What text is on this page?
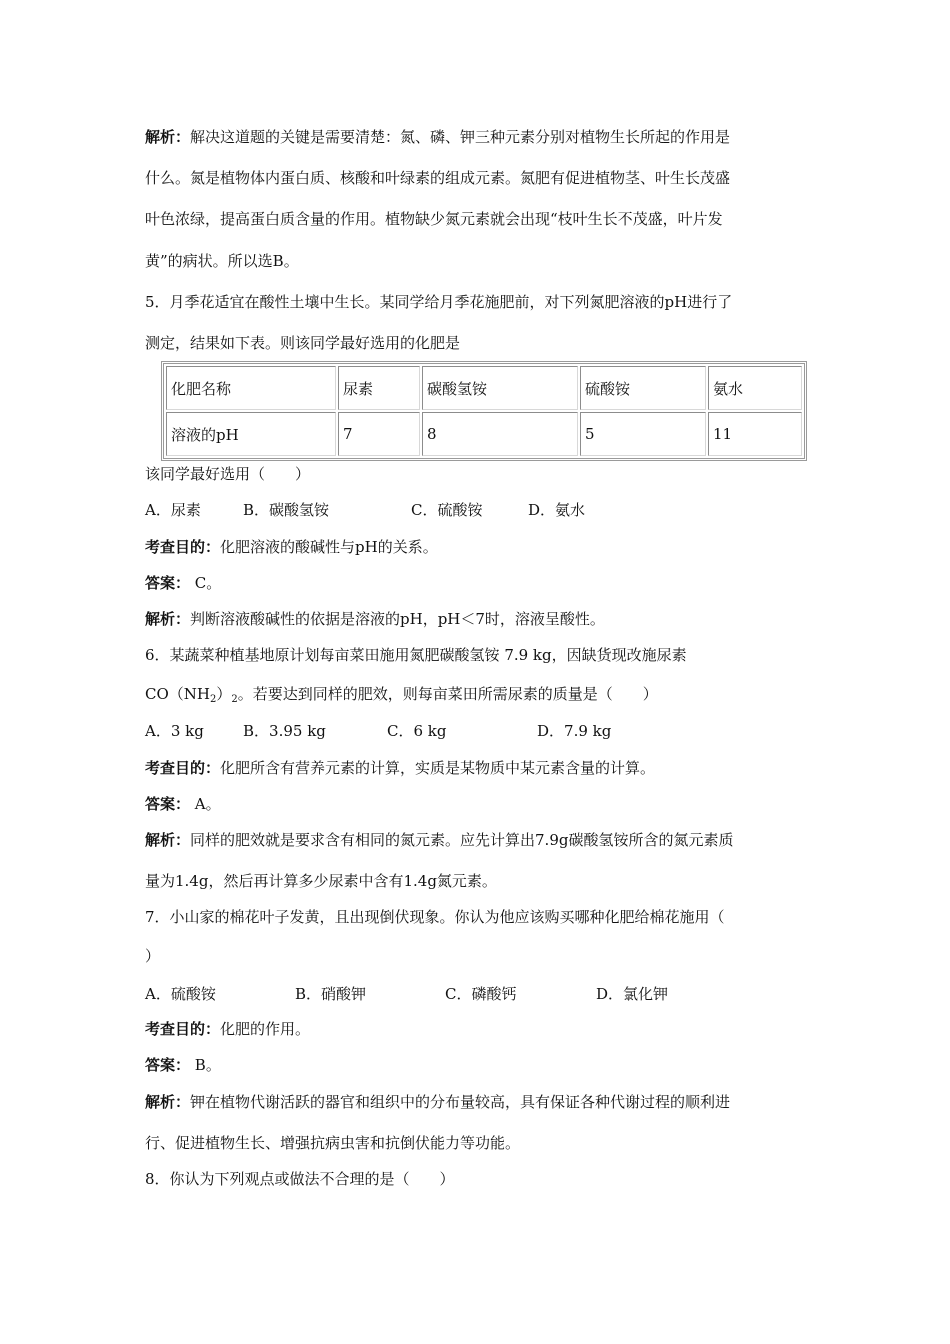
解析：解决这道题的关键是需要清楚：氮、磷、钾三种元素分别对植物生长所起的作用是
什么。氮是植物体内蛋白质、核酸和叶绿素的组成元素。氮肥有促进植物茎、叶生长茂盛
叶色浓绿，提高蛋白质含量的作用。植物缺少氮元素就会出现“枝叶生长不茂盛，叶片发
黄”的病状。所以选B。
5．月季花适宜在酸性土壤中生长。某同学给月季花施肥前，对下列氮肥溶液的pH进行了
测定，结果如下表。则该同学最好选用的化肥是
化肥名称	尿素	碳酸氢铵	硫酸铵	氨水
溶液的pH	7	8	5	11
该同学最好选用（　　）
A．尿素	B．碳酸氢铵	C．硫酸铵	D．氨水
考查目的：化肥溶液的酸碱性与pH的关系。
答案： C。
解析：判断溶液酸碱性的依据是溶液的pH，pH＜7时，溶液呈酸性。
6．某蔬菜种植基地原计划每亩菜田施用氮肥碳酸氢铵 7.9 kg，因缺货现改施尿素
$CO(NH_2)_2$。若要达到同样的肥效，则每亩菜田所需尿素的质量是（　　）
A．3 kg	B．3.95 kg	C．6 kg	D．7.9 kg
考查目的：化肥所含有营养元素的计算，实质是某物质中某元素含量的计算。
答案： A。
解析：同样的肥效就是要求含有相同的氮元素。应先计算出7.9g碳酸氢铵所含的氮元素质
量为1.4g，然后再计算多少尿素中含有1.4g氮元素。
7．小山家的棉花叶子发黄，且出现倒伏现象。你认为他应该购买哪种化肥给棉花施用（
）
A．硫酸铵	B．硝酸钾	C．磷酸钙	D．氯化钾
考查目的：化肥的作用。
答案： B。
解析：钾在植物代谢活跃的器官和组织中的分布量较高，具有保证各种代谢过程的顺利进
行、促进植物生长、增强抗病虫害和抗倒伏能力等功能。
8．你认为下列观点或做法不合理的是（　　）
